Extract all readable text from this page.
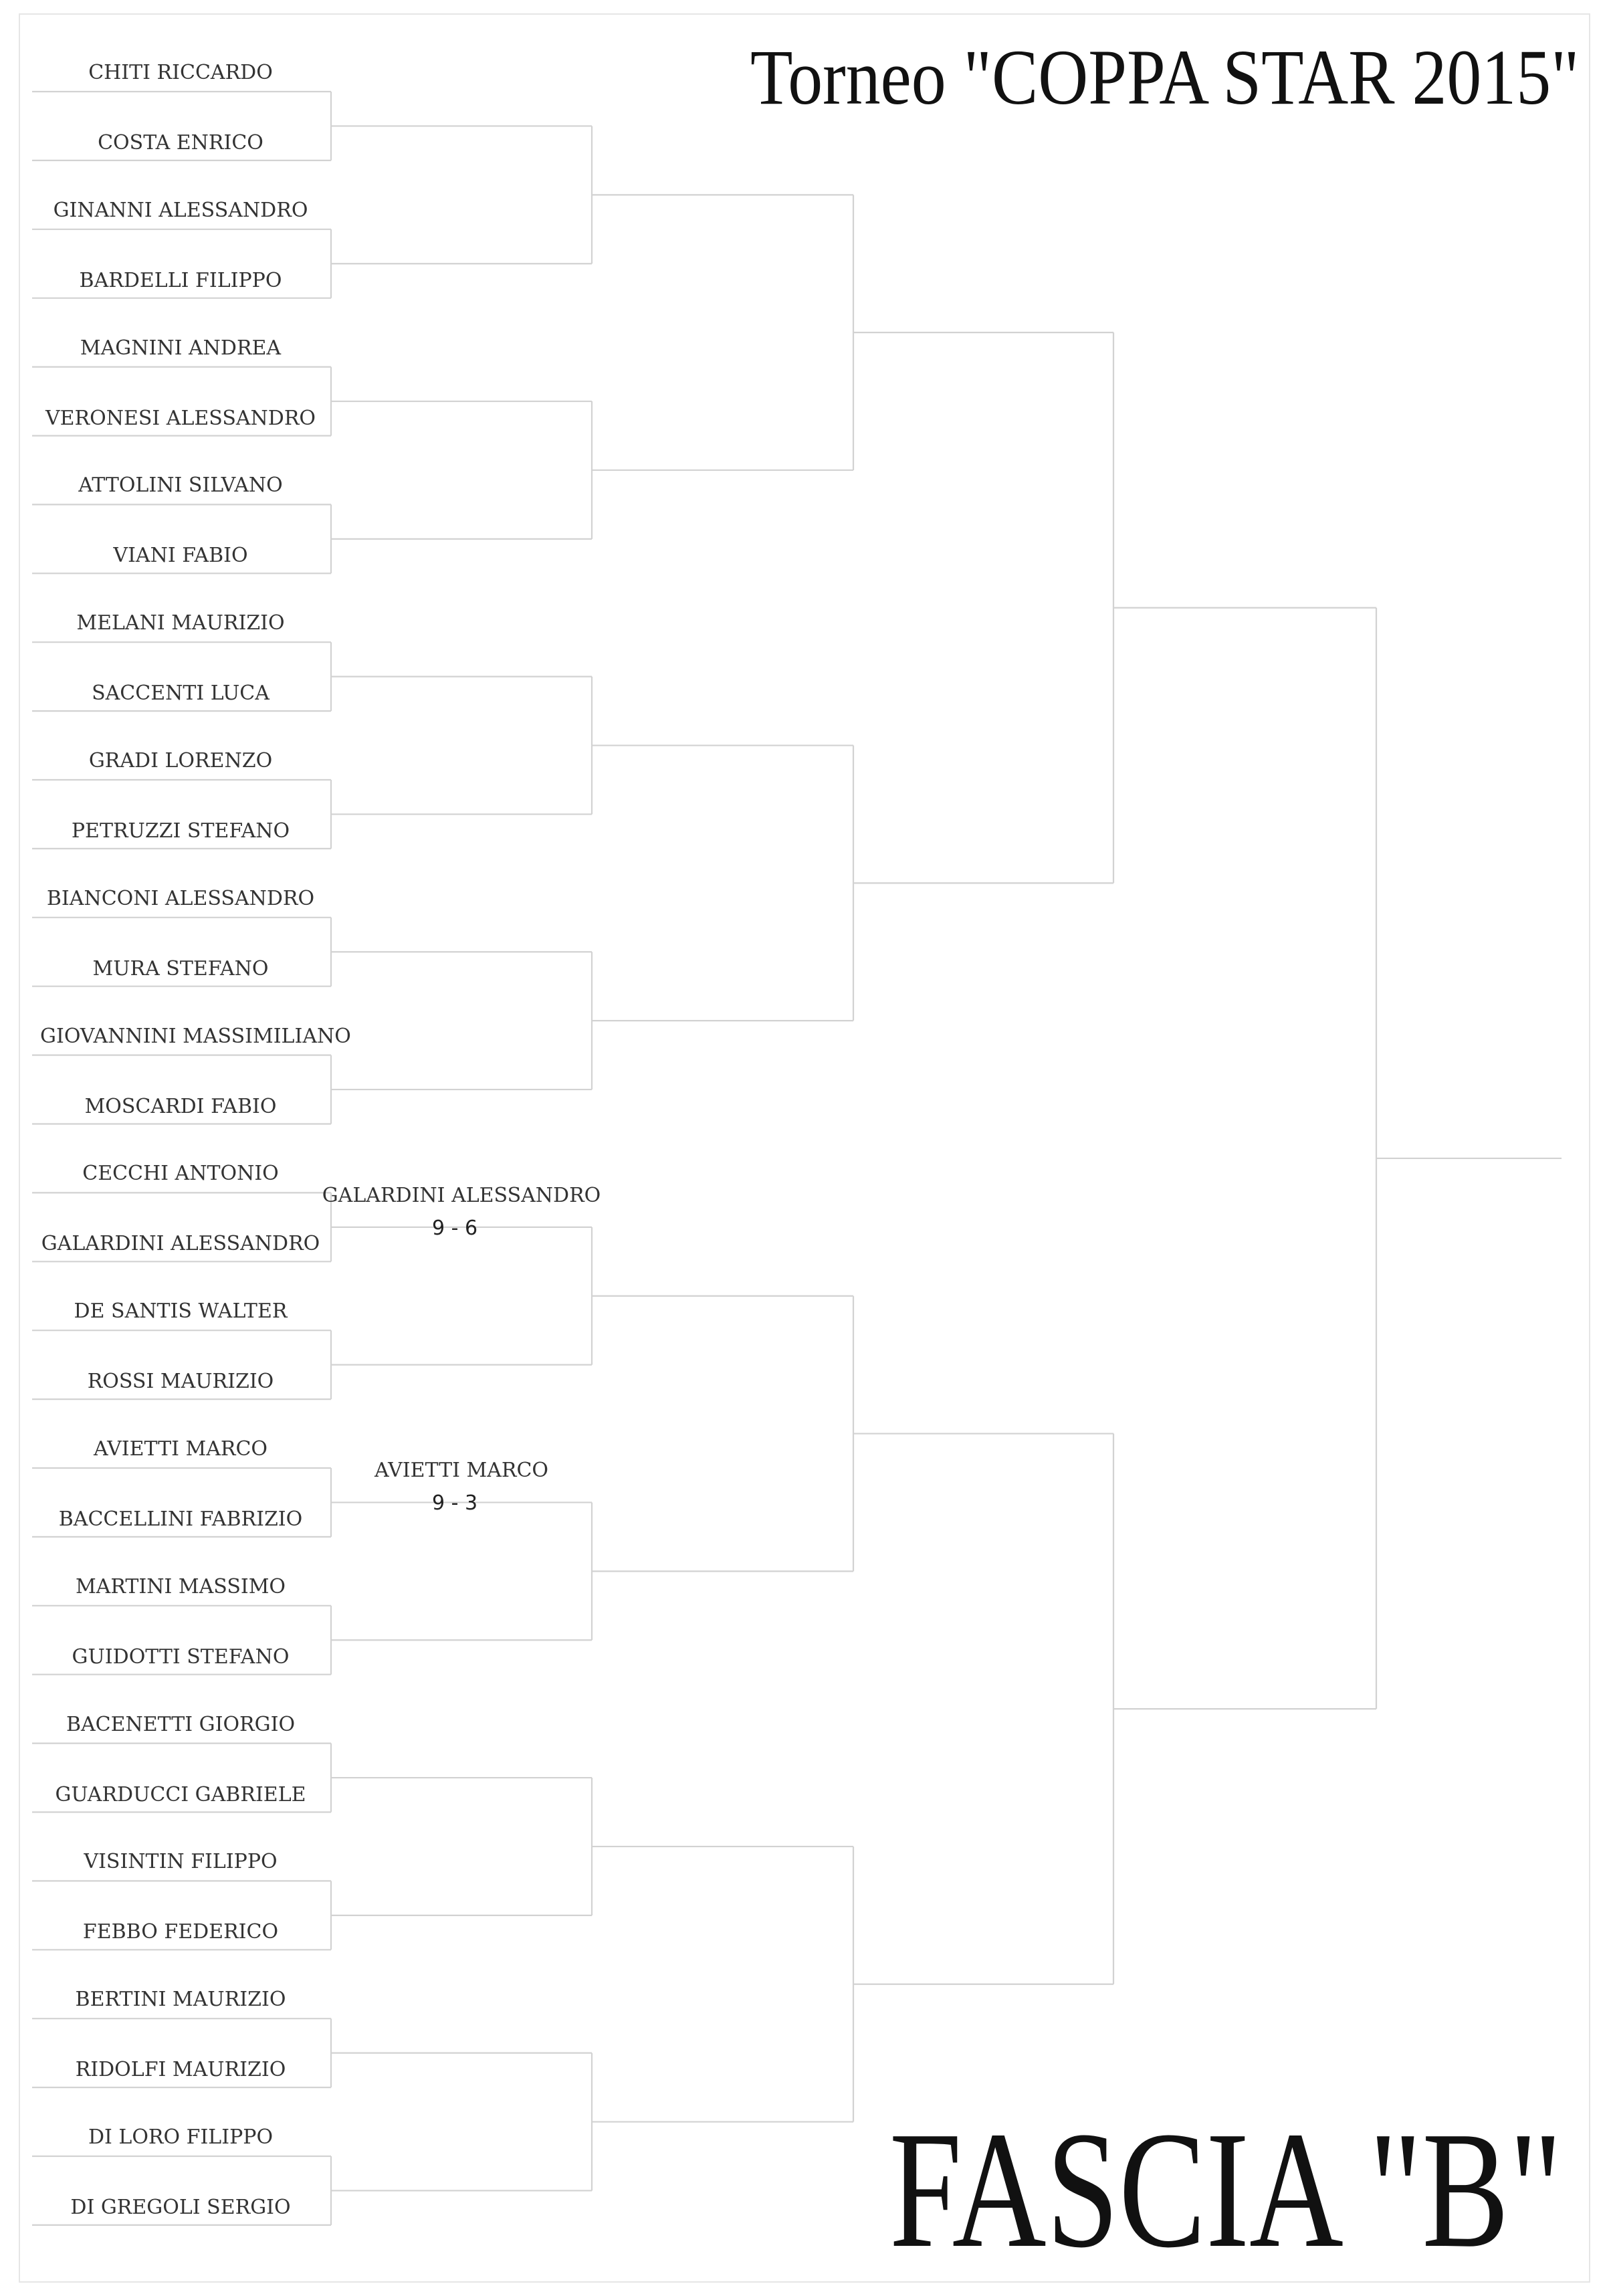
CHITI RICCARDO
COSTA ENRICO
GINANNI ALESSANDRO
BARDELLI FILIPPO
MAGNINI ANDREA
VERONESI ALESSANDRO
ATTOLINI SILVANO
VIANI FABIO
MELANI MAURIZIO
SACCENTI LUCA
GRADI LORENZO
PETRUZZI STEFANO
BIANCONI ALESSANDRO
MURA STEFANO
GIOVANNINI MASSIMILIANO
MOSCARDI FABIO
CECCHI ANTONIO
GALARDINI ALESSANDRO
DE SANTIS WALTER
ROSSI MAURIZIO
AVIETTI MARCO
BACCELLINI FABRIZIO
MARTINI MASSIMO
GUIDOTTI STEFANO
BACENETTI GIORGIO
GUARDUCCI GABRIELE
VISINTIN FILIPPO
FEBBO FEDERICO
BERTINI MAURIZIO
RIDOLFI MAURIZIO
DI LORO FILIPPO
DI GREGOLI SERGIO
GALARDINI ALESSANDRO
9 - 6
AVIETTI MARCO
9 - 3
Torneo "COPPA STAR 2015"
FASCIA "B"
